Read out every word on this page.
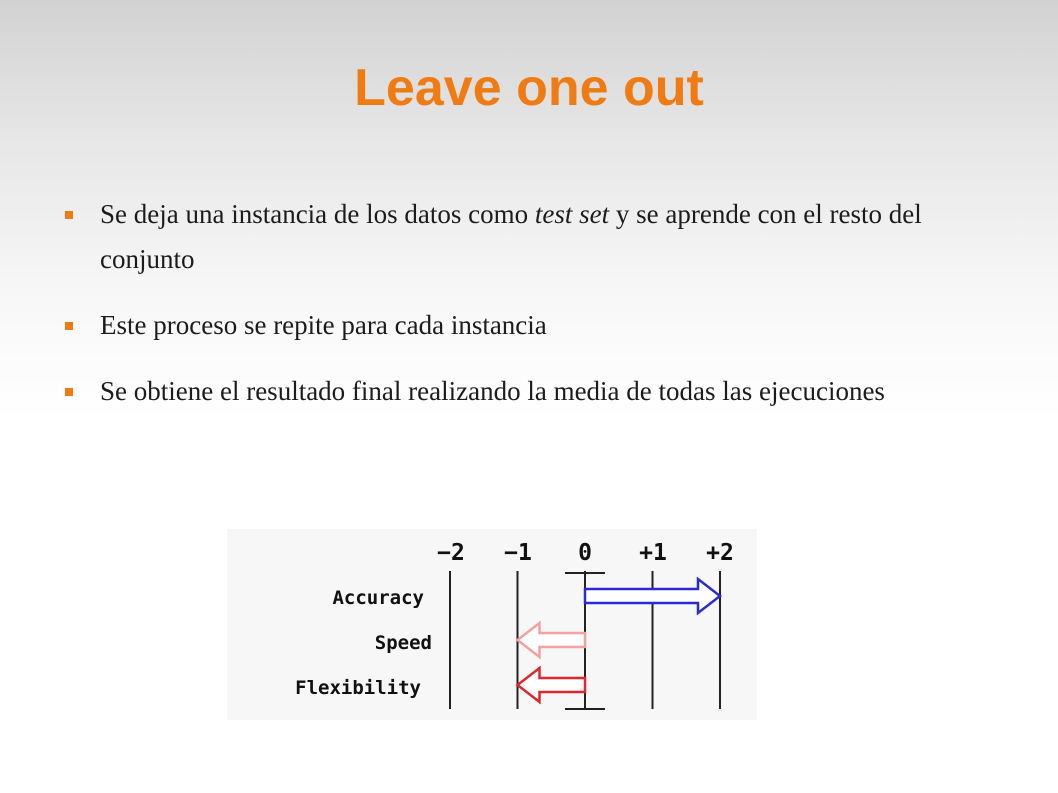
Leave one out
Se deja una instancia de los datos como test set y se aprende con el resto del conjunto
Este proceso se repite para cada instancia
Se obtiene el resultado final realizando la media de todas las ejecuciones
−2 −1 0 +1 +2
Accuracy
Speed
Flexibility
